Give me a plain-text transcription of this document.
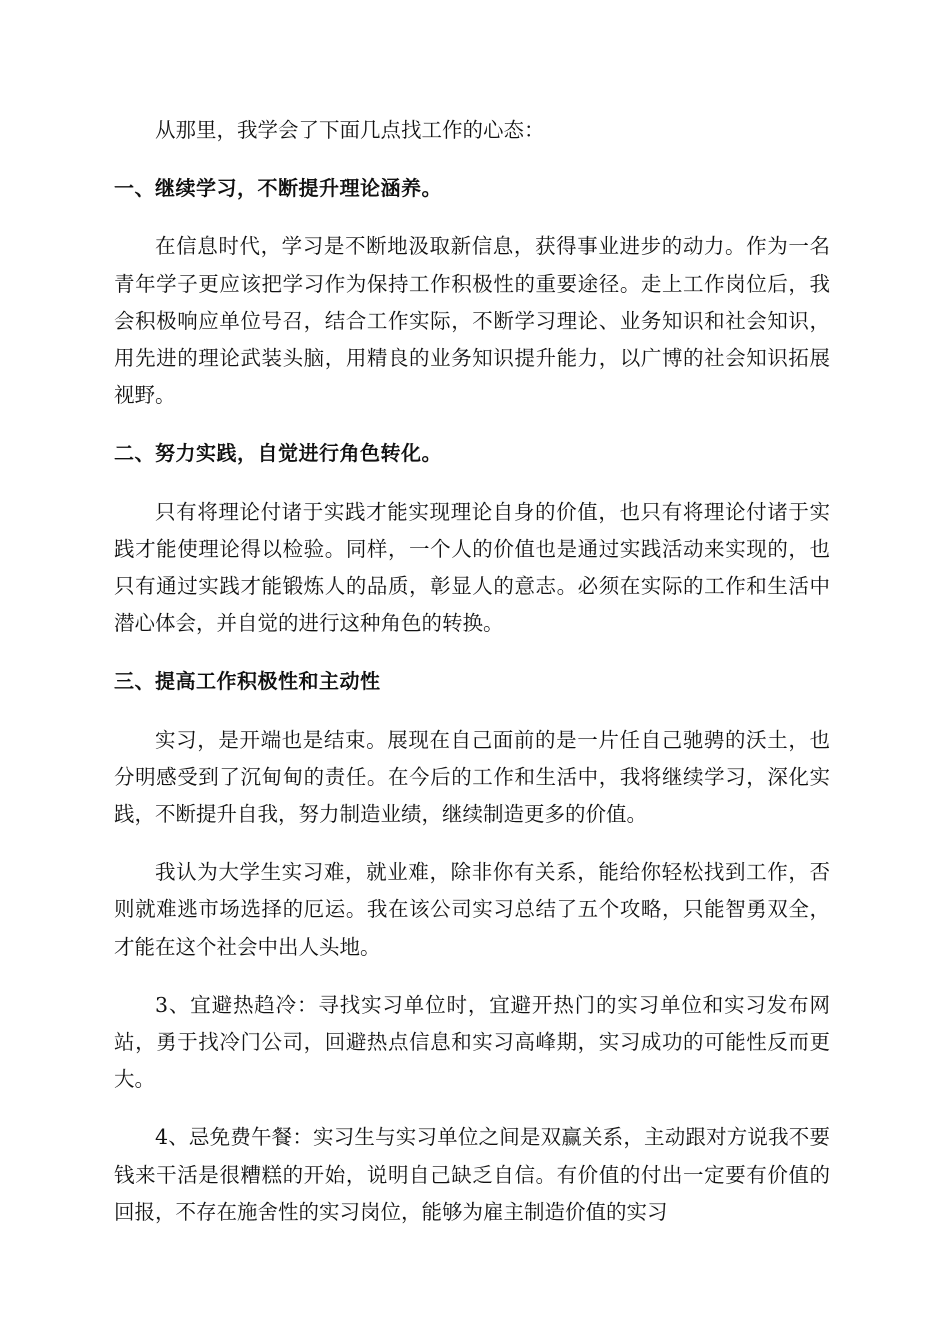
从那里，我学会了下面几点找工作的心态：

一、继续学习，不断提升理论涵养。

在信息时代，学习是不断地汲取新信息，获得事业进步的动力。作为一名青年学子更应该把学习作为保持工作积极性的重要途径。走上工作岗位后，我会积极响应单位号召，结合工作实际，不断学习理论、业务知识和社会知识，用先进的理论武装头脑，用精良的业务知识提升能力，以广博的社会知识拓展视野。

二、努力实践，自觉进行角色转化。

只有将理论付诸于实践才能实现理论自身的价值，也只有将理论付诸于实践才能使理论得以检验。同样，一个人的价值也是通过实践活动来实现的，也只有通过实践才能锻炼人的品质，彰显人的意志。必须在实际的工作和生活中潜心体会，并自觉的进行这种角色的转换。

三、提高工作积极性和主动性

实习，是开端也是结束。展现在自己面前的是一片任自己驰骋的沃土，也分明感受到了沉甸甸的责任。在今后的工作和生活中，我将继续学习，深化实践，不断提升自我，努力制造业绩，继续制造更多的价值。

我认为大学生实习难，就业难，除非你有关系，能给你轻松找到工作，否则就难逃市场选择的厄运。我在该公司实习总结了五个攻略，只能智勇双全，才能在这个社会中出人头地。

3、宜避热趋冷：寻找实习单位时，宜避开热门的实习单位和实习发布网站，勇于找冷门公司，回避热点信息和实习高峰期，实习成功的可能性反而更大。

4、忌免费午餐：实习生与实习单位之间是双赢关系，主动跟对方说我不要钱来干活是很糟糕的开始，说明自己缺乏自信。有价值的付出一定要有价值的回报，不存在施舍性的实习岗位，能够为雇主制造价值的实习
